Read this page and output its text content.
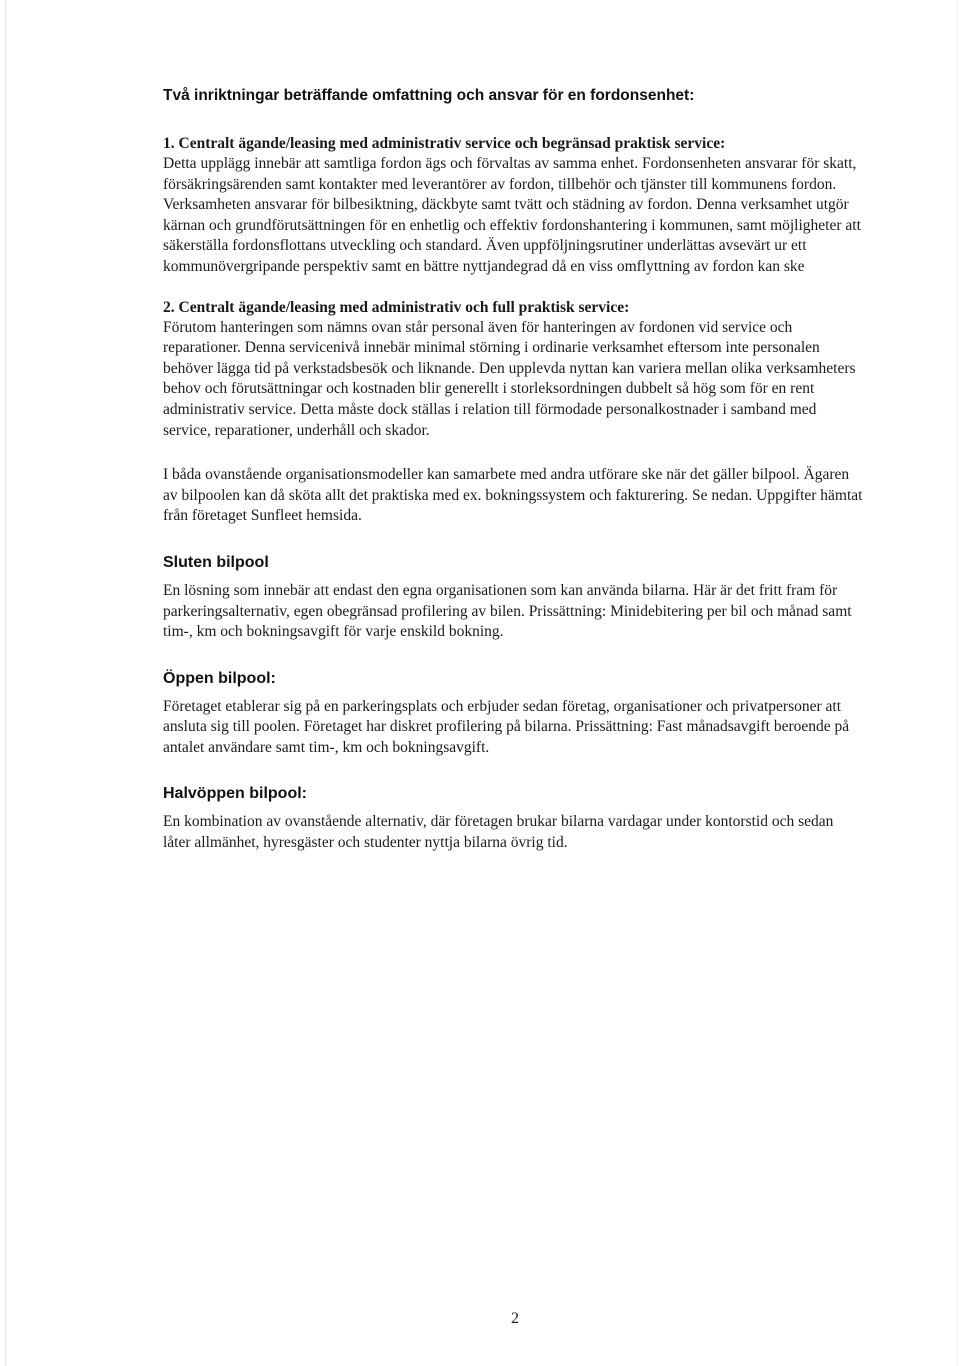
Två inriktningar beträffande omfattning och ansvar för en fordonsenhet:

1. Centralt ägande/leasing med administrativ service och begränsad praktisk service:

Detta upplägg innebär att samtliga fordon ägs och förvaltas av samma enhet. Fordonsenheten ansvarar för skatt, försäkringsärenden samt kontakter med leverantörer av fordon, tillbehör och tjänster till kommunens fordon. Verksamheten ansvarar för bilbesiktning, däckbyte samt tvätt och städning av fordon. Denna verksamhet utgör kärnan och grundförutsättningen för en enhetlig och effektiv fordonshantering i kommunen, samt möjligheter att säkerställa fordonsflottans utveckling och standard. Även uppföljningsrutiner underlättas avsevärt ur ett kommunövergripande perspektiv samt en bättre nyttjandegrad då en viss omflyttning av fordon kan ske

2. Centralt ägande/leasing med administrativ och full praktisk service:

Förutom hanteringen som nämns ovan står personal även för hanteringen av fordonen vid service och reparationer. Denna servicenivå innebär minimal störning i ordinarie verksamhet eftersom inte personalen behöver lägga tid på verkstadsbesök och liknande. Den upplevda nyttan kan variera mellan olika verksamheters behov och förutsättningar och kostnaden blir generellt i storleksordningen dubbelt så hög som för en rent administrativ service. Detta måste dock ställas i relation till förmodade personalkostnader i samband med service, reparationer, underhåll och skador.

I båda ovanstående organisationsmodeller kan samarbete med andra utförare ske när det gäller bilpool. Ägaren av bilpoolen kan då sköta allt det praktiska med ex. bokningssystem och fakturering. Se nedan. Uppgifter hämtat från företaget Sunfleet hemsida.

Sluten bilpool

En lösning som innebär att endast den egna organisationen som kan använda bilarna. Här är det fritt fram för parkeringsalternativ, egen obegränsad profilering av bilen. Prissättning: Minidebitering per bil och månad samt tim-, km och bokningsavgift för varje enskild bokning.

Öppen bilpool:

Företaget etablerar sig på en parkeringsplats och erbjuder sedan företag, organisationer och privatpersoner att ansluta sig till poolen. Företaget har diskret profilering på bilarna. Prissättning: Fast månadsavgift beroende på antalet användare samt tim-, km och bokningsavgift.

Halvöppen bilpool:

En kombination av ovanstående alternativ, där företagen brukar bilarna vardagar under kontorstid och sedan låter allmänhet, hyresgäster och studenter nyttja bilarna övrig tid.

2
